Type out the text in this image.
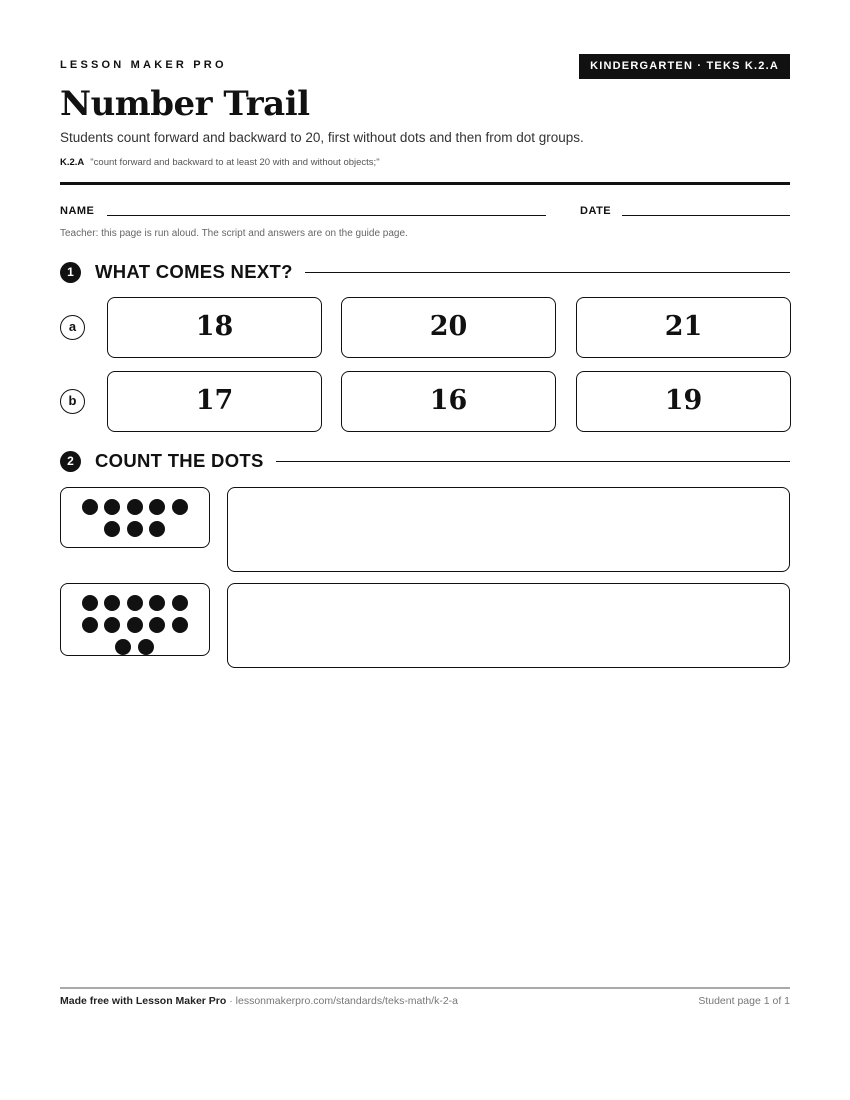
LESSON MAKER PRO	KINDERGARTEN · TEKS K.2.A
Number Trail
Students count forward and backward to 20, first without dots and then from dot groups.
K.2.A "count forward and backward to at least 20 with and without objects;"
NAME	DATE
Teacher: this page is run aloud. The script and answers are on the guide page.
1	WHAT COMES NEXT?
a	18	20	21
b	17	16	19
2	COUNT THE DOTS
Made free with Lesson Maker Pro · lessonmakerpro.com/standards/teks-math/k-2-a	Student page 1 of 1
